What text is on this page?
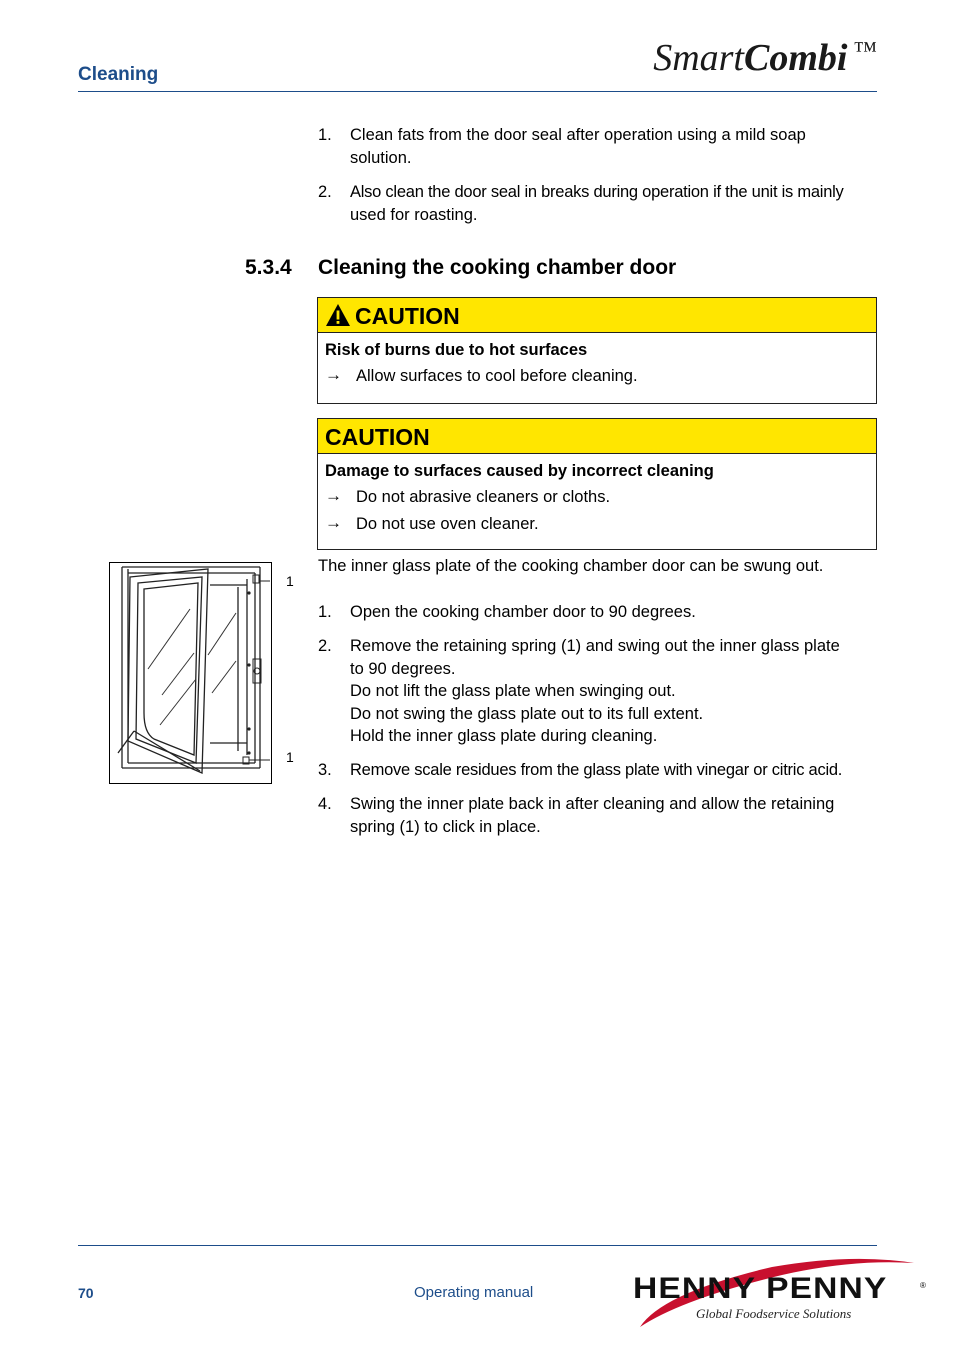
Cleaning	SmartCombi ™
1. Clean fats from the door seal after operation using a mild soap
solution.
2. Also clean the door seal in breaks during operation if the unit is mainly
used for roasting.
5.3.4 Cleaning the cooking chamber door
CAUTION
Risk of burns due to hot surfaces
→ Allow surfaces to cool before cleaning.
CAUTION
Damage to surfaces caused by incorrect cleaning
→ Do not abrasive cleaners or cloths.
→ Do not use oven cleaner.
The inner glass plate of the cooking chamber door can be swung out.
1
1
1. Open the cooking chamber door to 90 degrees.
2. Remove the retaining spring (1) and swing out the inner glass plate
to 90 degrees.
Do not lift the glass plate when swinging out.
Do not swing the glass plate out to its full extent.
Hold the inner glass plate during cleaning.
3. Remove scale residues from the glass plate with vinegar or citric acid.
4. Swing the inner plate back in after cleaning and allow the retaining
spring (1) to click in place.
70	Operating manual	HENNY PENNY	®
Global Foodservice Solutions
